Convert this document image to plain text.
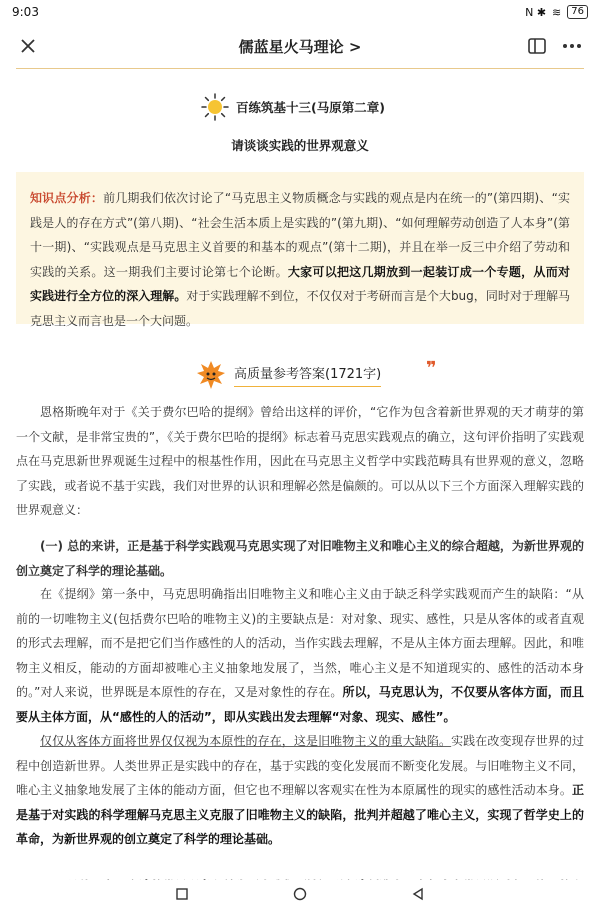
9:03	N ✱ ≋	76
儒蓝星火马理论 >
百练筑基十三(马原第二章)
请谈谈实践的世界观意义
知识点分析：前几期我们依次讨论了“马克思主义物质概念与实践的观点是内在统一的”(第四期)、“实践是人的存在方式”(第八期)、“社会生活本质上是实践的”(第九期)、“如何理解劳动创造了人本身”(第十一期)、“实践观点是马克思主义首要的和基本的观点”(第十二期)，并且在举一反三中介绍了劳动和实践的关系。这一期我们主要讨论第七个论断。大家可以把这几期放到一起装订成一个专题，从而对实践进行全方位的深入理解。对于实践理解不到位，不仅仅对于考研而言是个大bug，同时对于理解马克思主义而言也是一个大问题。
高质量参考答案(1721字) ❜❜

恩格斯晚年对于《关于费尔巴哈的提纲》曾给出这样的评价，“它作为包含着新世界观的天才萌芽的第一个文献，是非常宝贵的”，《关于费尔巴哈的提纲》标志着马克思实践观点的确立，这句评价指明了实践观点在马克思新世界观诞生过程中的根基性作用，因此在马克思主义哲学中实践范畴具有世界观的意义，忽略了实践，或者说不基于实践，我们对世界的认识和理解必然是偏颇的。可以从以下三个方面深入理解实践的世界观意义：

(一) 总的来讲，正是基于科学实践观马克思实现了对旧唯物主义和唯心主义的综合超越，为新世界观的创立奠定了科学的理论基础。

在《提纲》第一条中，马克思明确指出旧唯物主义和唯心主义由于缺乏科学实践观而产生的缺陷：“从前的一切唯物主义(包括费尔巴哈的唯物主义)的主要缺点是：对对象、现实、感性，只是从客体的或者直观的形式去理解，而不是把它们当作感性的人的活动，当作实践去理解，不是从主体方面去理解。因此，和唯物主义相反，能动的方面却被唯心主义抽象地发展了，当然，唯心主义是不知道现实的、感性的活动本身的。”对人来说，世界既是本原性的存在，又是对象性的存在。所以，马克思认为，不仅要从客体方面，而且要从主体方面，从“感性的人的活动”，即从实践出发去理解“对象、现实、感性”。

仅仅从客体方面将世界仅仅视为本原性的存在，这是旧唯物主义的重大缺陷。实践在改变现存世界的过程中创造新世界。人类世界正是实践中的存在，基于实践的变化发展而不断变化发展。与旧唯物主义不同，唯心主义抽象地发展了主体的能动方面，但它也不理解以客观实在性为本原属性的现实的感性活动本身。正是基于对实践的科学理解马克思主义克服了旧唯物主义的缺陷，批判并超越了唯心主义，实现了哲学史上的革命，为新世界观的创立奠定了科学的理论基础。
